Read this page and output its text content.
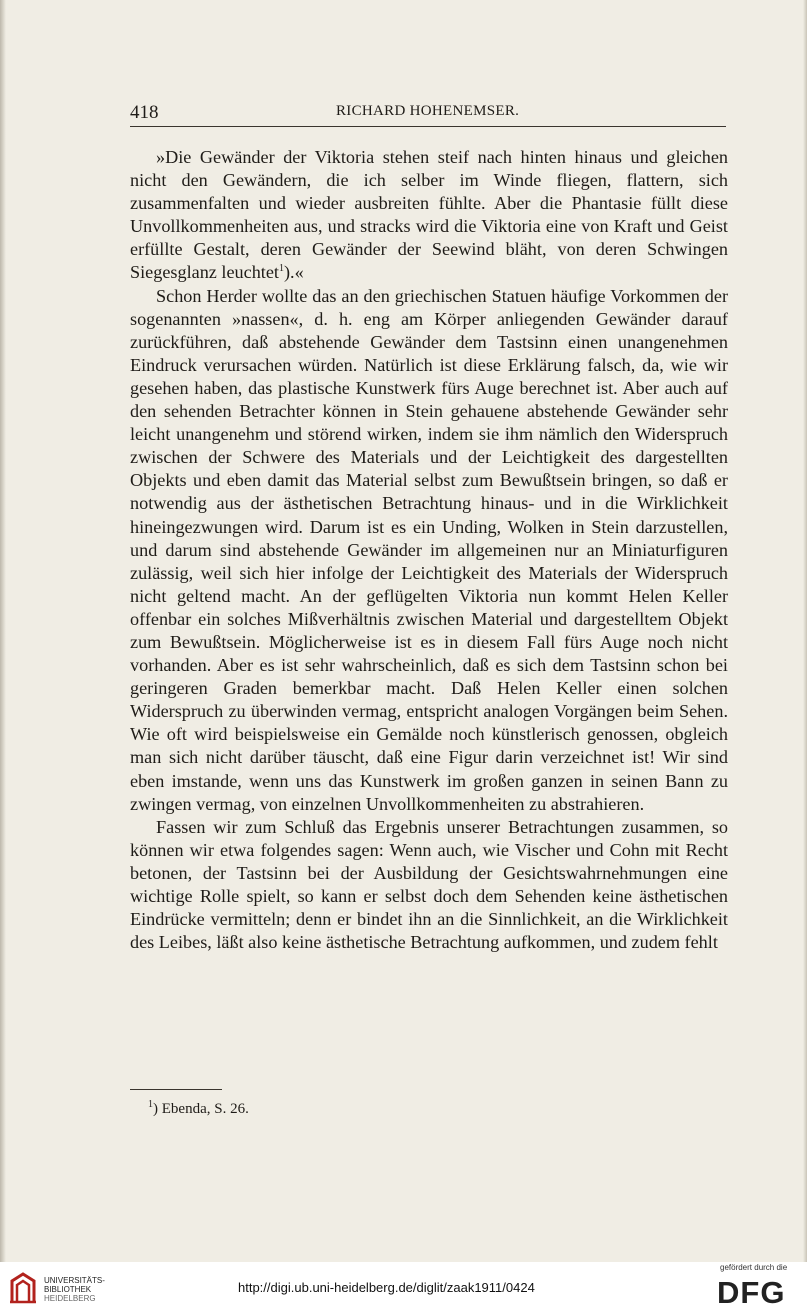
418	RICHARD HOHENEMSER.

»Die Gewänder der Viktoria stehen steif nach hinten hinaus und gleichen nicht den Gewändern, die ich selber im Winde fliegen, flattern, sich zusammenfalten und wieder ausbreiten fühlte. Aber die Phantasie füllt diese Unvollkommenheiten aus, und stracks wird die Viktoria eine von Kraft und Geist erfüllte Gestalt, deren Gewänder der Seewind bläht, von deren Schwingen Siegesglanz leuchtet$^1$).«

Schon Herder wollte das an den griechischen Statuen häufige Vorkommen der sogenannten »nassen«, d. h. eng am Körper anliegenden Gewänder darauf zurückführen, daß abstehende Gewänder dem Tastsinn einen unangenehmen Eindruck verursachen würden. Natürlich ist diese Erklärung falsch, da, wie wir gesehen haben, das plastische Kunstwerk fürs Auge berechnet ist. Aber auch auf den sehenden Betrachter können in Stein gehauene abstehende Gewänder sehr leicht unangenehm und störend wirken, indem sie ihm nämlich den Widerspruch zwischen der Schwere des Materials und der Leichtigkeit des dargestellten Objekts und eben damit das Material selbst zum Bewußtsein bringen, so daß er notwendig aus der ästhetischen Betrachtung hinaus- und in die Wirklichkeit hineingezwungen wird. Darum ist es ein Unding, Wolken in Stein darzustellen, und darum sind abstehende Gewänder im allgemeinen nur an Miniaturfiguren zulässig, weil sich hier infolge der Leichtigkeit des Materials der Widerspruch nicht geltend macht. An der geflügelten Viktoria nun kommt Helen Keller offenbar ein solches Mißverhältnis zwischen Material und dargestelltem Objekt zum Bewußtsein. Möglicherweise ist es in diesem Fall fürs Auge noch nicht vorhanden. Aber es ist sehr wahrscheinlich, daß es sich dem Tastsinn schon bei geringeren Graden bemerkbar macht. Daß Helen Keller einen solchen Widerspruch zu überwinden vermag, entspricht analogen Vorgängen beim Sehen. Wie oft wird beispielsweise ein Gemälde noch künstlerisch genossen, obgleich man sich nicht darüber täuscht, daß eine Figur darin verzeichnet ist! Wir sind eben imstande, wenn uns das Kunstwerk im großen ganzen in seinen Bann zu zwingen vermag, von einzelnen Unvollkommenheiten zu abstrahieren.

Fassen wir zum Schluß das Ergebnis unserer Betrachtungen zusammen, so können wir etwa folgendes sagen: Wenn auch, wie Vischer und Cohn mit Recht betonen, der Tastsinn bei der Ausbildung der Gesichtswahrnehmungen eine wichtige Rolle spielt, so kann er selbst doch dem Sehenden keine ästhetischen Eindrücke vermitteln; denn er bindet ihn an die Sinnlichkeit, an die Wirklichkeit des Leibes, läßt also keine ästhetische Betrachtung aufkommen, und zudem fehlt

$^1$) Ebenda, S. 26.
UNIVERSITÄTS-
BIBLIOTHEK
HEIDELBERG
http://digi.ub.uni-heidelberg.de/diglit/zaak1911/0424
gefördert durch die
DFG
